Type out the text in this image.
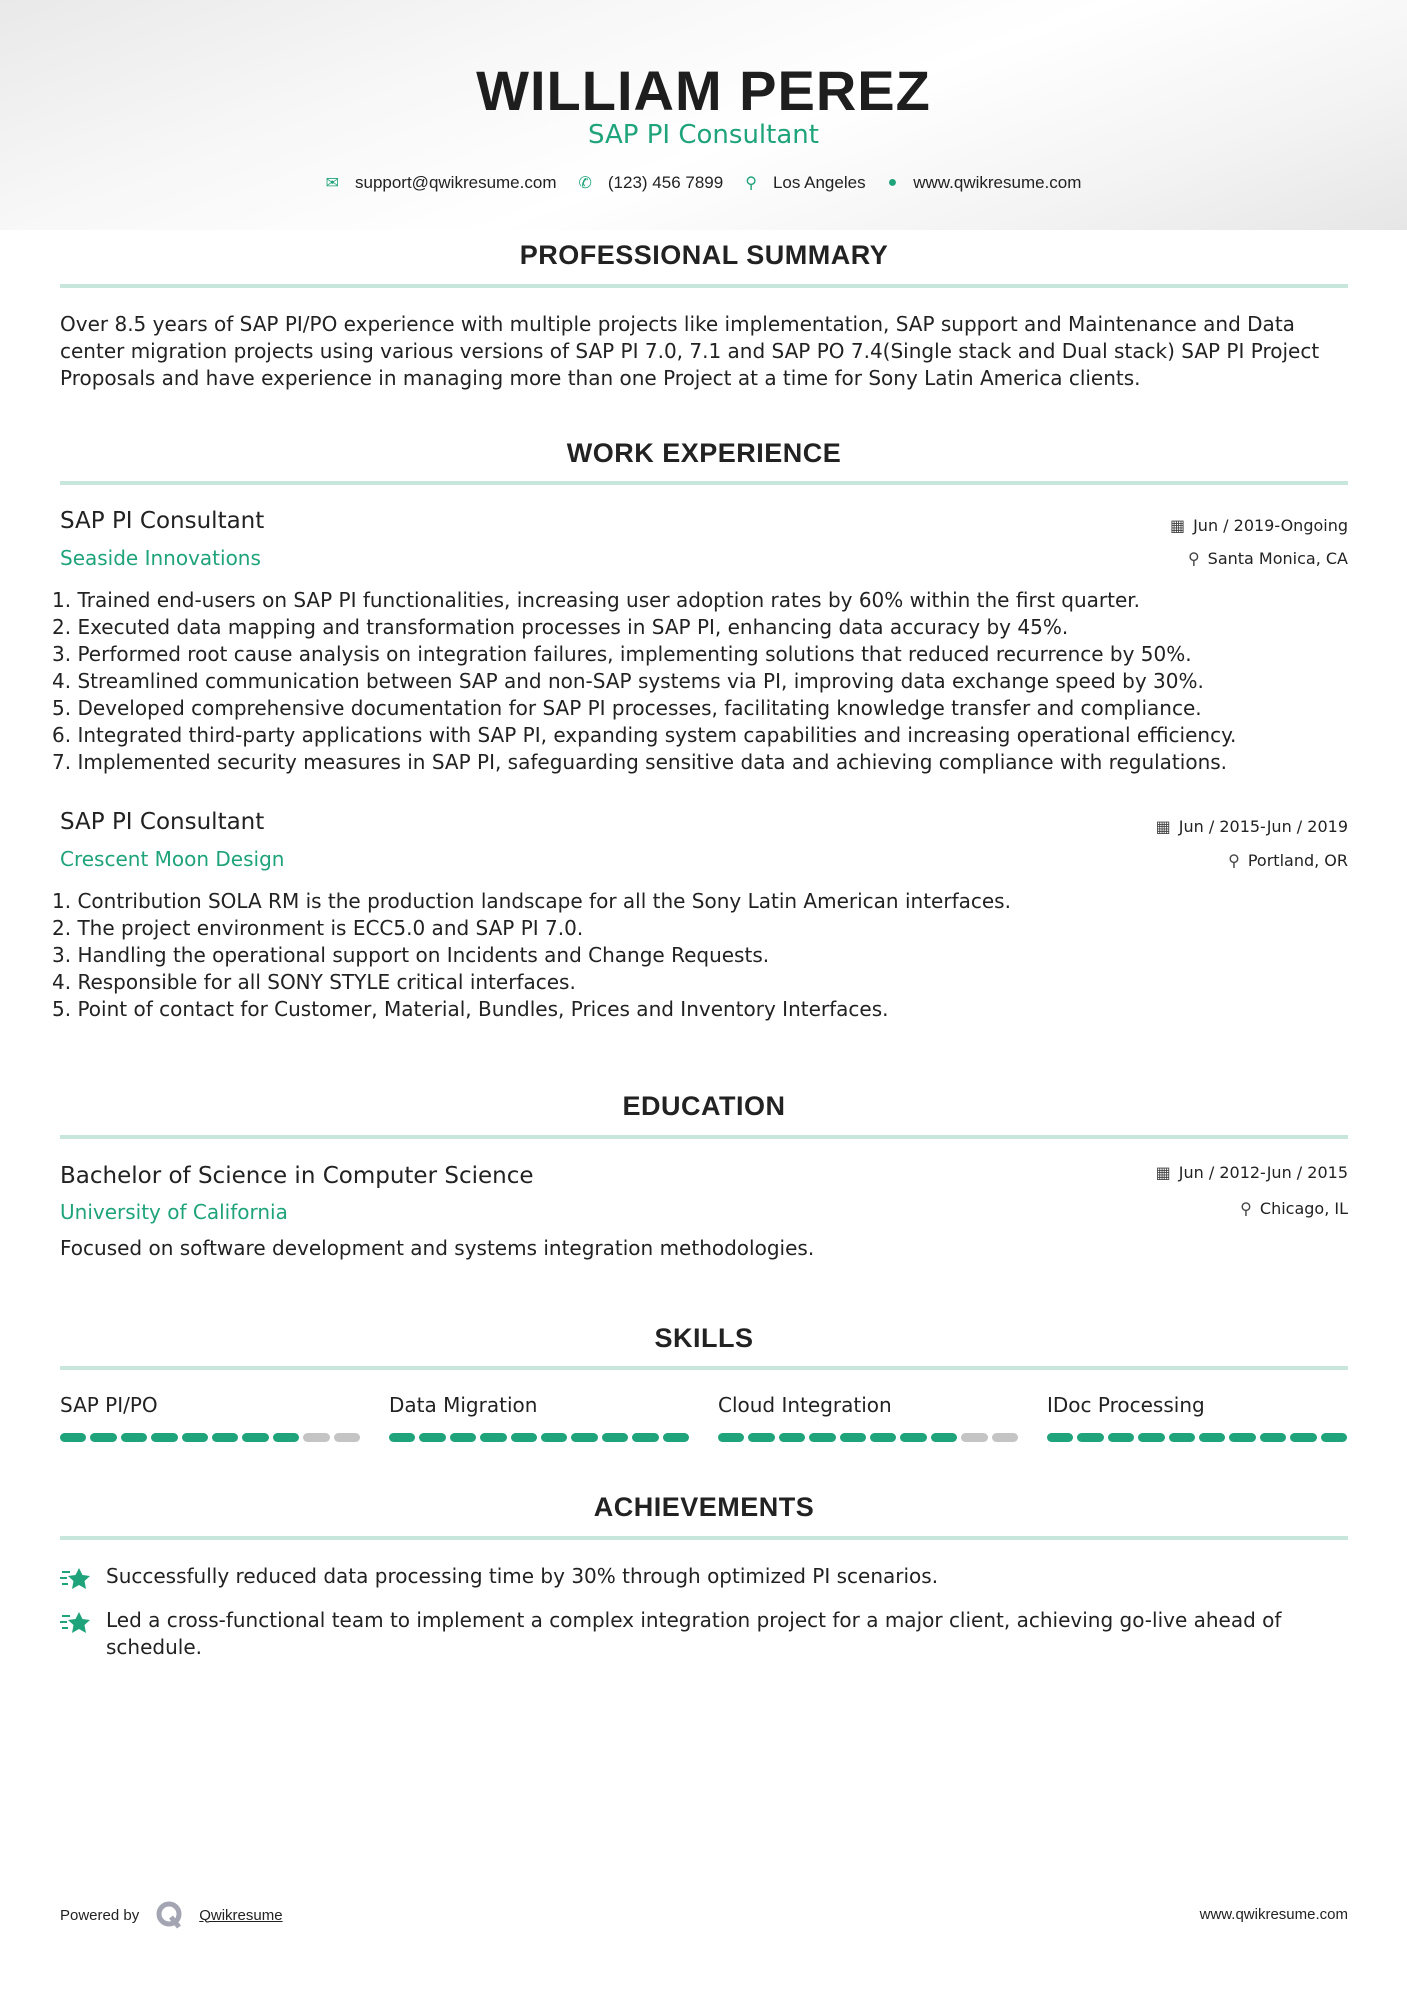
WILLIAM PEREZ
SAP PI Consultant
✉ support@qwikresume.com ✆ (123) 456 7899 ⚲ Los Angeles ● www.qwikresume.com
PROFESSIONAL SUMMARY
Over 8.5 years of SAP PI/PO experience with multiple projects like implementation, SAP support and Maintenance and Data center migration projects using various versions of SAP PI 7.0, 7.1 and SAP PO 7.4(Single stack and Dual stack) SAP PI Project Proposals and have experience in managing more than one Project at a time for Sony Latin America clients.
WORK EXPERIENCE
SAP PI Consultant
Seaside Innovations
▦ Jun / 2019-Ongoing
⚲ Santa Monica, CA
1. Trained end-users on SAP PI functionalities, increasing user adoption rates by 60% within the first quarter.
2. Executed data mapping and transformation processes in SAP PI, enhancing data accuracy by 45%.
3. Performed root cause analysis on integration failures, implementing solutions that reduced recurrence by 50%.
4. Streamlined communication between SAP and non-SAP systems via PI, improving data exchange speed by 30%.
5. Developed comprehensive documentation for SAP PI processes, facilitating knowledge transfer and compliance.
6. Integrated third-party applications with SAP PI, expanding system capabilities and increasing operational efficiency.
7. Implemented security measures in SAP PI, safeguarding sensitive data and achieving compliance with regulations.
SAP PI Consultant
Crescent Moon Design
▦ Jun / 2015-Jun / 2019
⚲ Portland, OR
1. Contribution SOLA RM is the production landscape for all the Sony Latin American interfaces.
2. The project environment is ECC5.0 and SAP PI 7.0.
3. Handling the operational support on Incidents and Change Requests.
4. Responsible for all SONY STYLE critical interfaces.
5. Point of contact for Customer, Material, Bundles, Prices and Inventory Interfaces.
EDUCATION
Bachelor of Science in Computer Science
University of California
▦ Jun / 2012-Jun / 2015
⚲ Chicago, IL
Focused on software development and systems integration methodologies.
SKILLS
SAP PI/PO	Data Migration	Cloud Integration	IDoc Processing
ACHIEVEMENTS
Successfully reduced data processing time by 30% through optimized PI scenarios.
Led a cross-functional team to implement a complex integration project for a major client, achieving go-live ahead of schedule.
Powered by	Qwikresume	www.qwikresume.com
